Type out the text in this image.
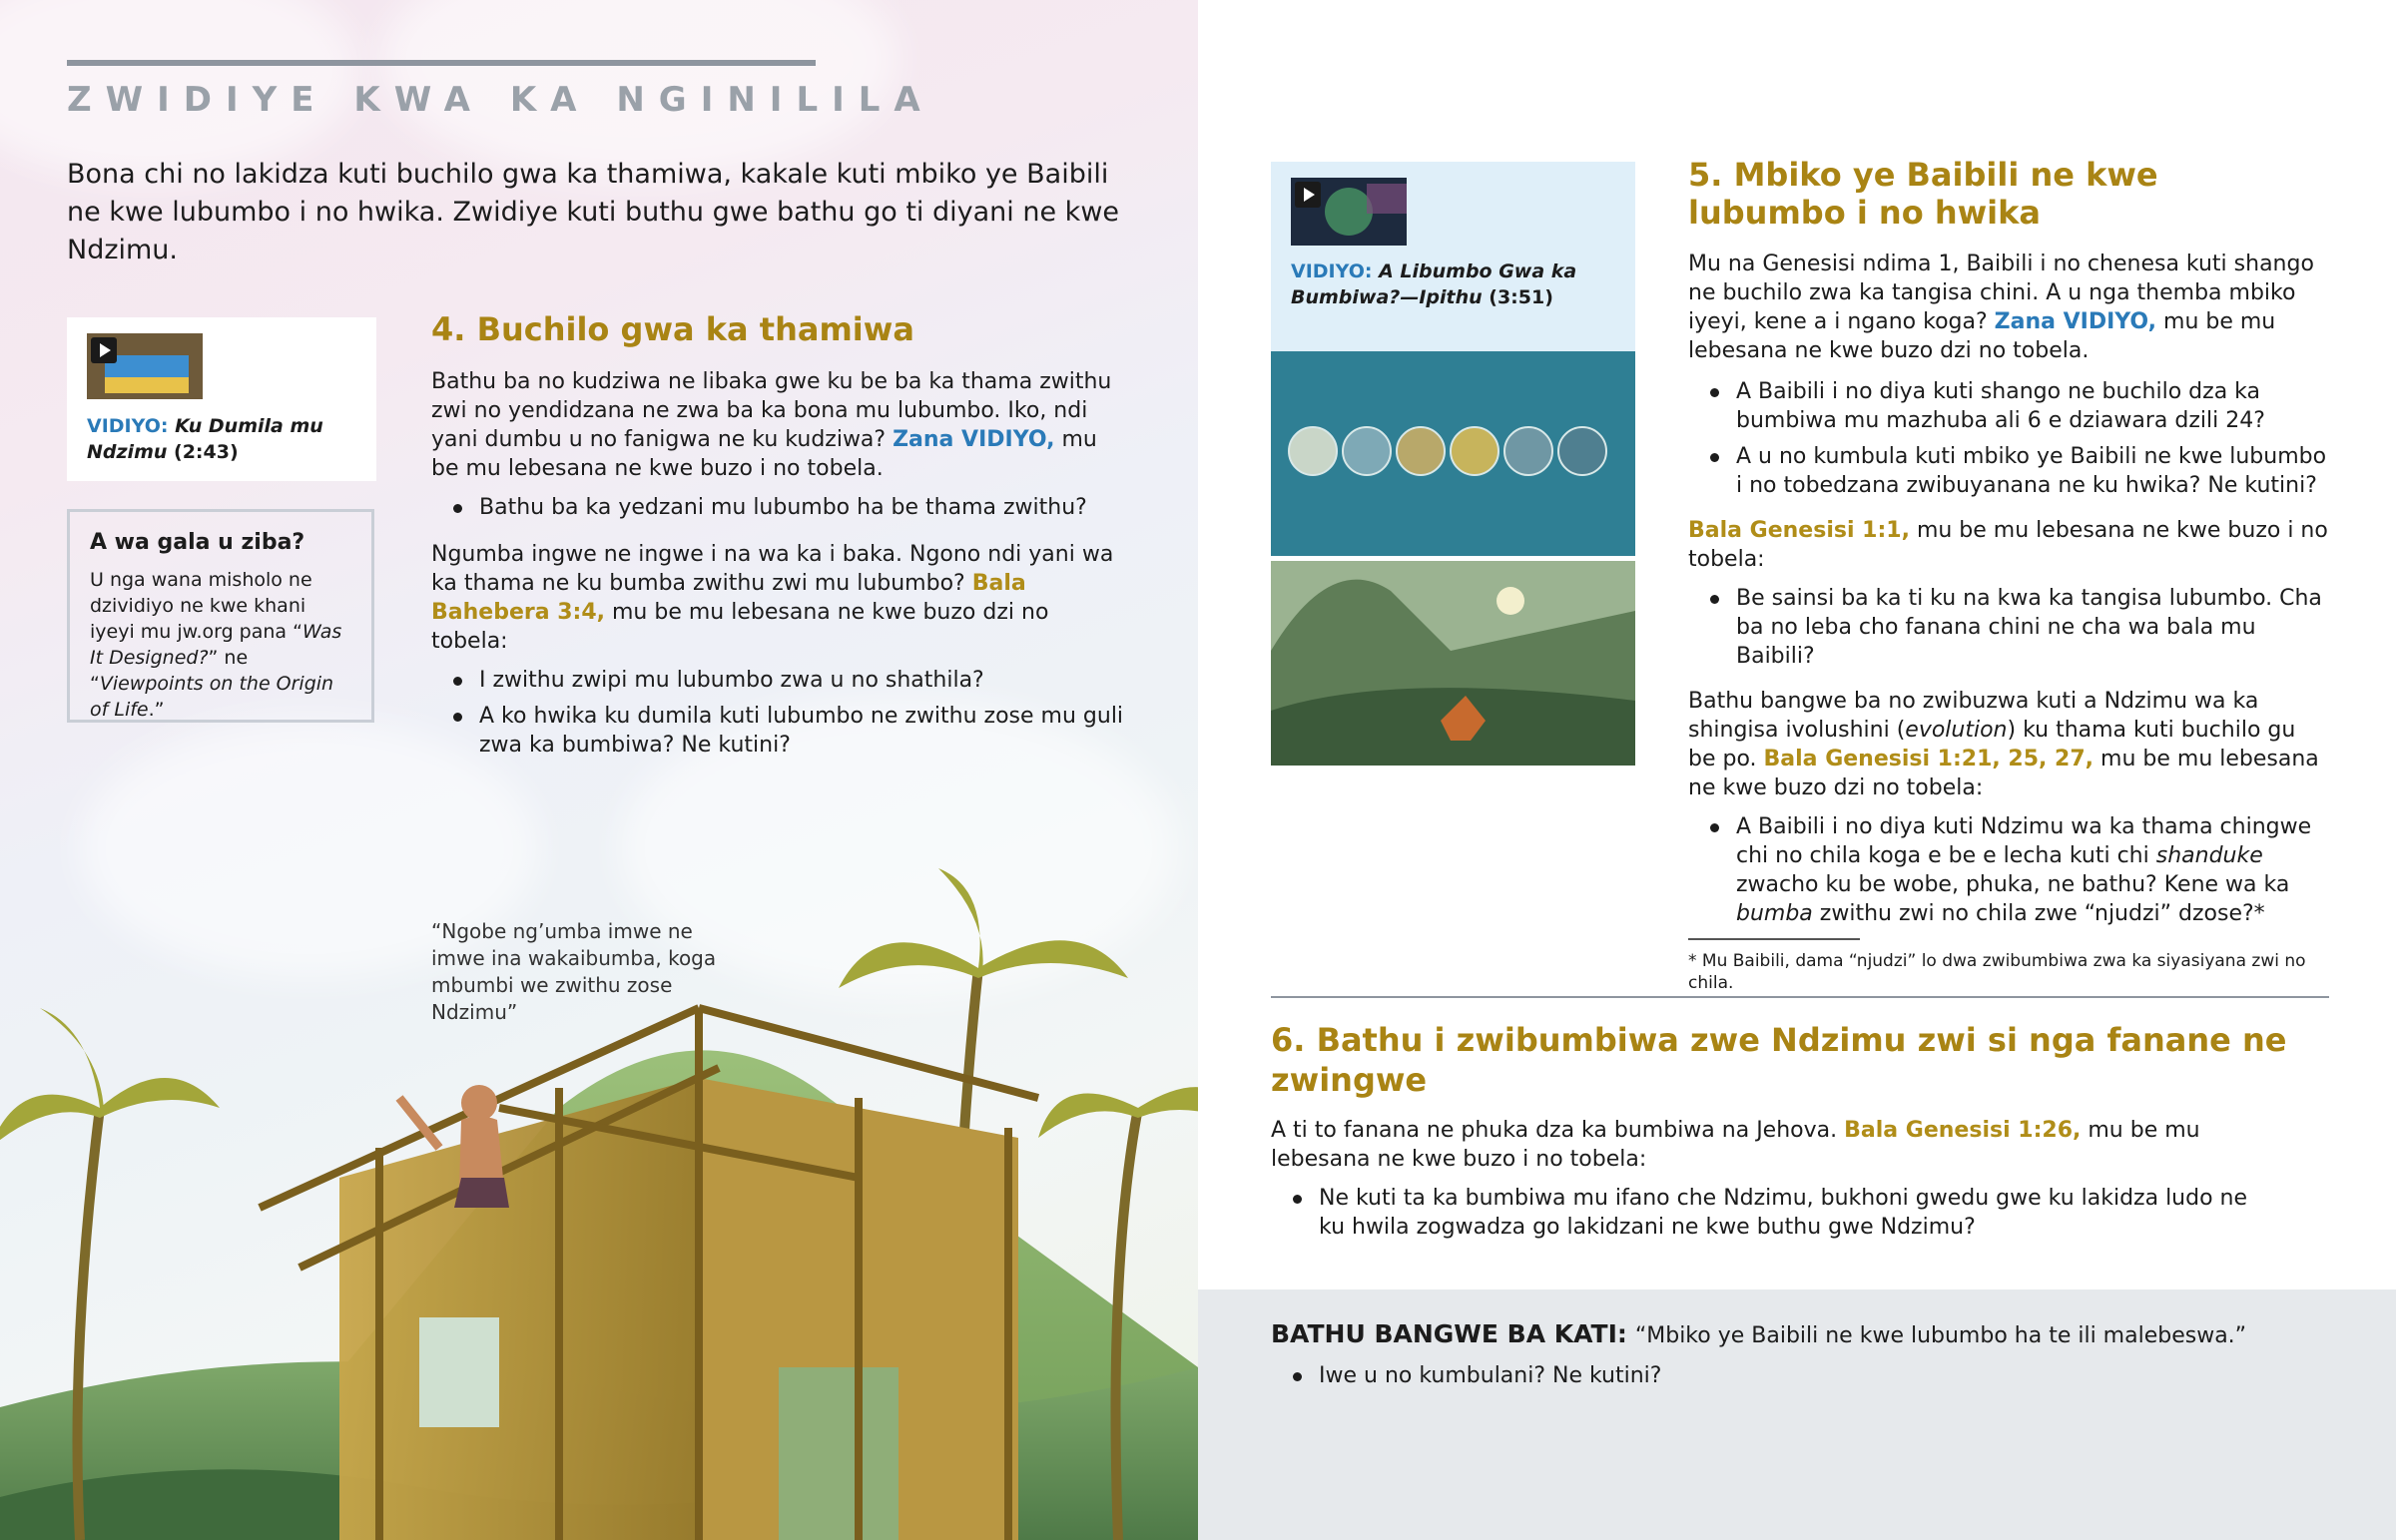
ZWIDIYE KWA KA NGINILILA
Bona chi no lakidza kuti buchilo gwa ka thamiwa, kakale kuti mbiko ye Baibili ne kwe lubumbo i no hwika. Zwidiye kuti buthu gwe bathu go ti diyani ne kwe Ndzimu.
VIDIYO: Ku Dumila mu Ndzimu (2:43)
A wa gala u ziba?
U nga wana misholo ne dzividiyo ne kwe khani iyeyi mu jw.org pana “Was It Designed?” ne “Viewpoints on the Origin of Life.”
4. Buchilo gwa ka thamiwa
Bathu ba no kudziwa ne libaka gwe ku be ba ka thama zwithu zwi no yendidzana ne zwa ba ka bona mu lubumbo. Iko, ndi yani dumbu u no fanigwa ne ku kudziwa? Zana VIDIYO, mu be mu lebesana ne kwe buzo i no tobela.
Bathu ba ka yedzani mu lubumbo ha be thama zwithu?
Ngumba ingwe ne ingwe i na wa ka i baka. Ngono ndi yani wa ka thama ne ku bumba zwithu zwi mu lubumbo? Bala Bahebera 3:4, mu be mu lebesana ne kwe buzo dzi no tobela:
I zwithu zwipi mu lubumbo zwa u no shathila?
A ko hwika ku dumila kuti lubumbo ne zwithu zose mu guli zwa ka bumbiwa? Ne kutini?
“Ngobe ng’umba imwe ne imwe ina wakaibumba, koga mbumbi we zwithu zose Ndzimu”
VIDIYO: A Libumbo Gwa ka Bumbiwa?—Ipithu (3:51)
5. Mbiko ye Baibili ne kwe lubumbo i no hwika
Mu na Genesisi ndima 1, Baibili i no chenesa kuti shango ne buchilo zwa ka tangisa chini. A u nga themba mbiko iyeyi, kene a i ngano koga? Zana VIDIYO, mu be mu lebesana ne kwe buzo dzi no tobela.
A Baibili i no diya kuti shango ne buchilo dza ka bumbiwa mu mazhuba ali 6 e dziawara dzili 24?
A u no kumbula kuti mbiko ye Baibili ne kwe lubumbo i no tobedzana zwibuyanana ne ku hwika? Ne kutini?
Bala Genesisi 1:1, mu be mu lebesana ne kwe buzo i no tobela:
Be sainsi ba ka ti ku na kwa ka tangisa lubumbo. Cha ba no leba cho fanana chini ne cha wa bala mu Baibili?
Bathu bangwe ba no zwibuzwa kuti a Ndzimu wa ka shingisa ivolushini (evolution) ku thama kuti buchilo gu be po. Bala Genesisi 1:21, 25, 27, mu be mu lebesana ne kwe buzo dzi no tobela:
A Baibili i no diya kuti Ndzimu wa ka thama chingwe chi no chila koga e be e lecha kuti chi shanduke zwacho ku be wobe, phuka, ne bathu? Kene wa ka bumba zwithu zwi no chila zwe “njudzi” dzose?*
* Mu Baibili, dama “njudzi” lo dwa zwibumbiwa zwa ka siyasiyana zwi no chila.
6. Bathu i zwibumbiwa zwe Ndzimu zwi si nga fanane ne zwingwe
A ti to fanana ne phuka dza ka bumbiwa na Jehova. Bala Genesisi 1:26, mu be mu lebesana ne kwe buzo i no tobela:
Ne kuti ta ka bumbiwa mu ifano che Ndzimu, bukhoni gwedu gwe ku lakidza ludo ne ku hwila zogwadza go lakidzani ne kwe buthu gwe Ndzimu?
BATHU BANGWE BA KATI: “Mbiko ye Baibili ne kwe lubumbo ha te ili malebeswa.”
Iwe u no kumbulani? Ne kutini?
